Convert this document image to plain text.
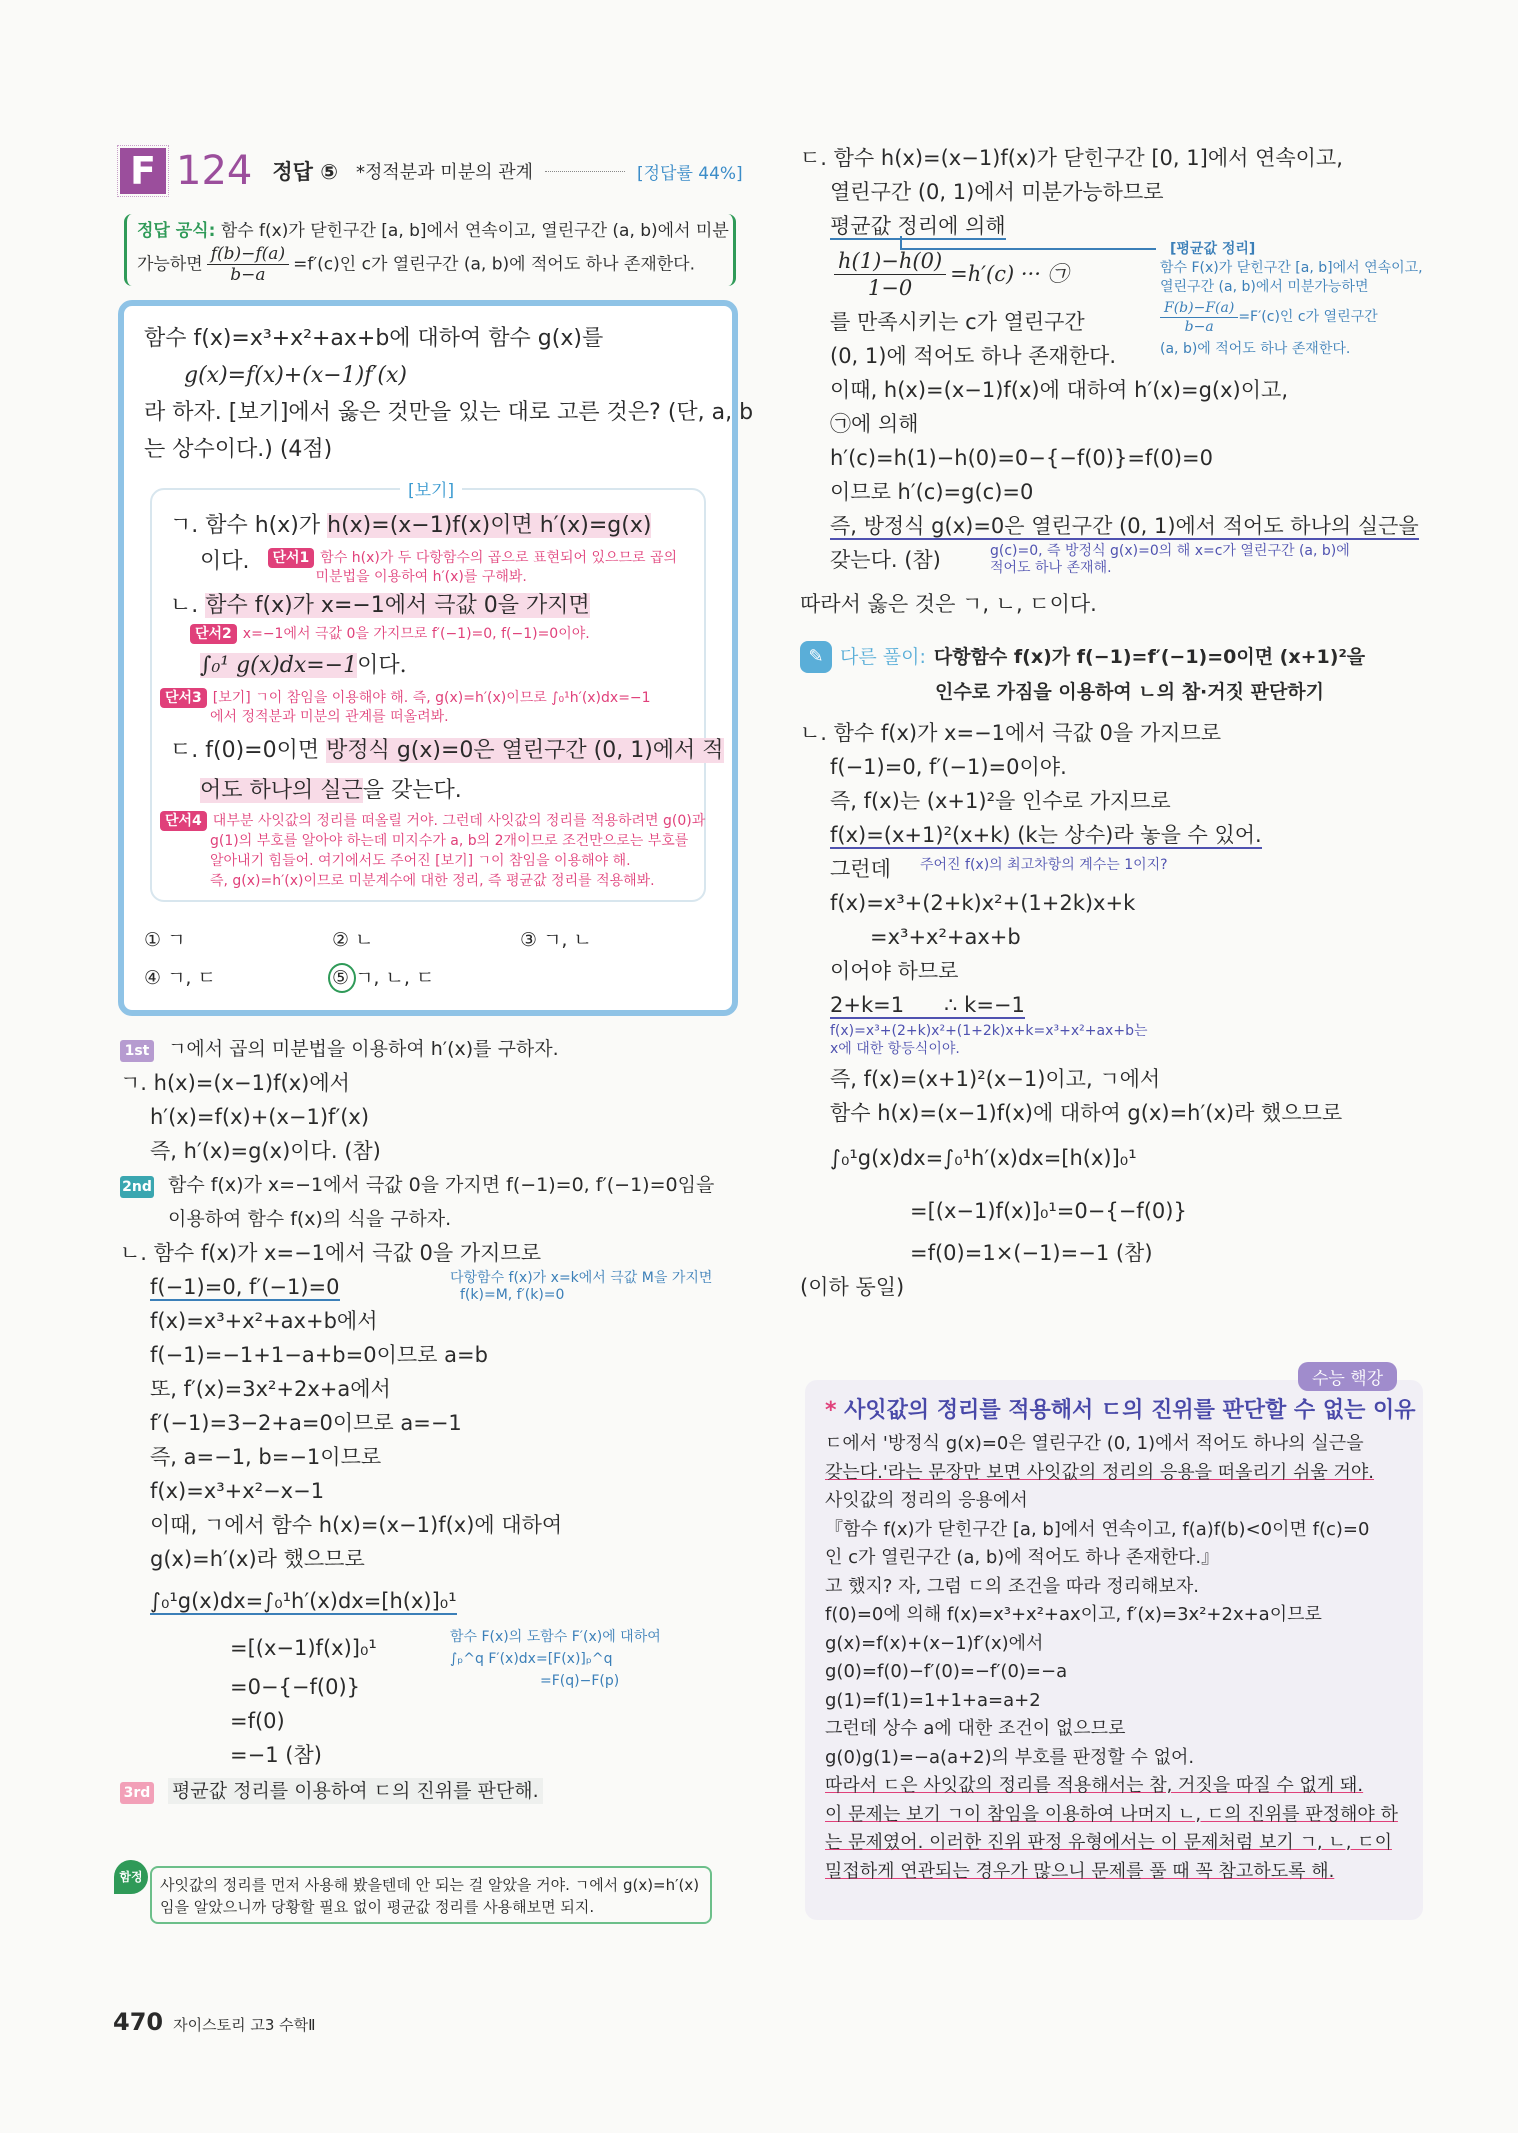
F 124 정답 ⑤ *정적분과 미분의 관계	[정답률 44%]
정답 공식: 함수 f(x)가 닫힌구간 [a, b]에서 연속이고, 열린구간 (a, b)에서 미분
가능하면 $\frac{f(b)-f(a)}{b-a} =f'(c)$인 c가 열린구간 (a, b)에 적어도 하나 존재한다.
함수 f(x)=x³+x²+ax+b에 대하여 함수 g(x)를
g(x)=f(x)+(x−1)f′(x)
라 하자. [보기]에서 옳은 것만을 있는 대로 고른 것은? (단, a, b
는 상수이다.) (4점)
[보기]
ㄱ. 함수 h(x)가 h(x)=(x−1)f(x)이면 h′(x)=g(x)
이다.	단서1 함수 h(x)가 두 다항함수의 곱으로 표현되어 있으므로 곱의
미분법을 이용하여 h′(x)를 구해봐.
ㄴ. 함수 f(x)가 x=−1에서 극값 0을 가지면
단서2 x=−1에서 극값 0을 가지므로 f′(−1)=0, f(−1)=0이야.
∫₀¹ g(x)dx=−1이다.
단서3 [보기] ㄱ이 참임을 이용해야 해. 즉, g(x)=h′(x)이므로 ∫₀¹h′(x)dx=−1
에서 정적분과 미분의 관계를 떠올려봐.
ㄷ. f(0)=0이면 방정식 g(x)=0은 열린구간 (0, 1)에서 적
어도 하나의 실근을 갖는다.
단서4 대부분 사잇값의 정리를 떠올릴 거야. 그런데 사잇값의 정리를 적용하려면 g(0)과
g(1)의 부호를 알아야 하는데 미지수가 a, b의 2개이므로 조건만으로는 부호를
알아내기 힘들어. 여기에서도 주어진 [보기] ㄱ이 참임을 이용해야 해.
즉, g(x)=h′(x)이므로 미분계수에 대한 정리, 즉 평균값 정리를 적용해봐.
① ㄱ	② ㄴ	③ ㄱ, ㄴ
④ ㄱ, ㄷ	⑤ ㄱ, ㄴ, ㄷ
1st ㄱ에서 곱의 미분법을 이용하여 h′(x)를 구하자.
ㄱ. h(x)=(x−1)f(x)에서
h′(x)=f(x)+(x−1)f′(x)
즉, h′(x)=g(x)이다. (참)
2nd 함수 f(x)가 x=−1에서 극값 0을 가지면 f(−1)=0, f′(−1)=0임을
이용하여 함수 f(x)의 식을 구하자.
ㄴ. 함수 f(x)가 x=−1에서 극값 0을 가지므로
f(−1)=0, f′(−1)=0	다항함수 f(x)가 x=k에서 극값 M을 가지면
f(k)=M, f′(k)=0
f(x)=x³+x²+ax+b에서
f(−1)=−1+1−a+b=0이므로 a=b
또, f′(x)=3x²+2x+a에서
f′(−1)=3−2+a=0이므로 a=−1
즉, a=−1, b=−1이므로
f(x)=x³+x²−x−1
이때, ㄱ에서 함수 h(x)=(x−1)f(x)에 대하여
g(x)=h′(x)라 했으므로
∫₀¹g(x)dx=∫₀¹h′(x)dx=[h(x)]₀¹
=[(x−1)f(x)]₀¹	함수 F(x)의 도함수 F′(x)에 대하여
∫ₚ^q F′(x)dx=[F(x)]ₚ^q
=F(q)−F(p)
=0−{−f(0)}
=f(0)
=−1 (참)
3rd 평균값 정리를 이용하여 ㄷ의 진위를 판단해.
사잇값의 정리를 먼저 사용해 봤을텐데 안 되는 걸 알았을 거야. ㄱ에서 g(x)=h′(x)
임을 알았으니까 당황할 필요 없이 평균값 정리를 사용해보면 되지.
함정
ㄷ. 함수 h(x)=(x−1)f(x)가 닫힌구간 [0, 1]에서 연속이고,
열린구간 (0, 1)에서 미분가능하므로
평균값 정리에 의해
$\frac{h(1)-h(0)}{1-0} =h'(c)$ ··· ㉠
를 만족시키는 c가 열린구간
(0, 1)에 적어도 하나 존재한다.
이때, h(x)=(x−1)f(x)에 대하여 h′(x)=g(x)이고,
㉠에 의해
h′(c)=h(1)−h(0)=0−{−f(0)}=f(0)=0
이므로 h′(c)=g(c)=0
즉, 방정식 g(x)=0은 열린구간 (0, 1)에서 적어도 하나의 실근을
갖는다. (참)	g(c)=0, 즉 방정식 g(x)=0의 해 x=c가 열린구간 (a, b)에
적어도 하나 존재해.
따라서 옳은 것은 ㄱ, ㄴ, ㄷ이다.
[평균값 정리]
함수 F(x)가 닫힌구간 [a, b]에서 연속이고,
열린구간 (a, b)에서 미분가능하면
$\frac{F(b)-F(a)}{b-a} =F'(c)$인 c가 열린구간
(a, b)에 적어도 하나 존재한다.
✎ 다른 풀이: 다항함수 f(x)가 f(−1)=f′(−1)=0이면 (x+1)²을
인수로 가짐을 이용하여 ㄴ의 참·거짓 판단하기
ㄴ. 함수 f(x)가 x=−1에서 극값 0을 가지므로
f(−1)=0, f′(−1)=0이야.
즉, f(x)는 (x+1)²을 인수로 가지므로
f(x)=(x+1)²(x+k) (k는 상수)라 놓을 수 있어.
그런데 주어진 f(x)의 최고차항의 계수는 1이지?
f(x)=x³+(2+k)x²+(1+2k)x+k
=x³+x²+ax+b
이어야 하므로
2+k=1      ∴ k=−1
f(x)=x³+(2+k)x²+(1+2k)x+k=x³+x²+ax+b는
x에 대한 항등식이야.
즉, f(x)=(x+1)²(x−1)이고, ㄱ에서
함수 h(x)=(x−1)f(x)에 대하여 g(x)=h′(x)라 했으므로
∫₀¹g(x)dx=∫₀¹h′(x)dx=[h(x)]₀¹
=[(x−1)f(x)]₀¹=0−{−f(0)}
=f(0)=1×(−1)=−1 (참)
(이하 동일)
수능 핵강
* 사잇값의 정리를 적용해서 ㄷ의 진위를 판단할 수 없는 이유
ㄷ에서 '방정식 g(x)=0은 열린구간 (0, 1)에서 적어도 하나의 실근을
갖는다.'라는 문장만 보면 사잇값의 정리의 응용을 떠올리기 쉬울 거야.
사잇값의 정리의 응용에서
『함수 f(x)가 닫힌구간 [a, b]에서 연속이고, f(a)f(b)<0이면 f(c)=0
인 c가 열린구간 (a, b)에 적어도 하나 존재한다.』
고 했지? 자, 그럼 ㄷ의 조건을 따라 정리해보자.
f(0)=0에 의해 f(x)=x³+x²+ax이고, f′(x)=3x²+2x+a이므로
g(x)=f(x)+(x−1)f′(x)에서
g(0)=f(0)−f′(0)=−f′(0)=−a
g(1)=f(1)=1+1+a=a+2
그런데 상수 a에 대한 조건이 없으므로
g(0)g(1)=−a(a+2)의 부호를 판정할 수 없어.
따라서 ㄷ은 사잇값의 정리를 적용해서는 참, 거짓을 따질 수 없게 돼.
이 문제는 보기 ㄱ이 참임을 이용하여 나머지 ㄴ, ㄷ의 진위를 판정해야 하
는 문제였어. 이러한 진위 판정 유형에서는 이 문제처럼 보기 ㄱ, ㄴ, ㄷ이
밀접하게 연관되는 경우가 많으니 문제를 풀 때 꼭 참고하도록 해.
470 자이스토리 고3 수학Ⅱ
